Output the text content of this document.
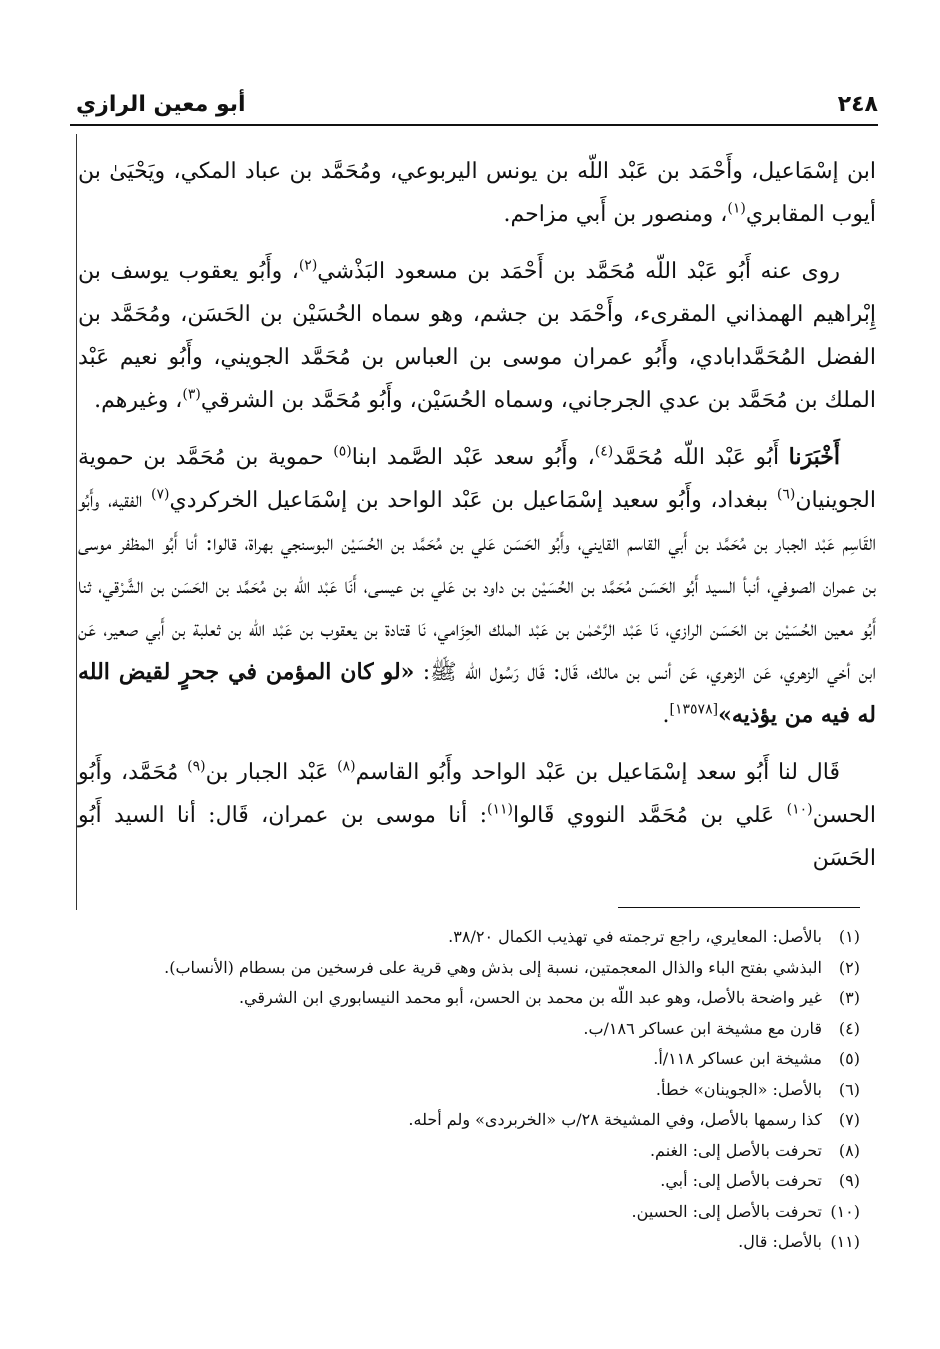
٢٤٨
أبو معين الرازي

ابن إسْمَاعيل، وأَحْمَد بن عَبْد اللّه بن يونس اليربوعي، ومُحَمَّد بن عباد المكي، ويَحْيَىٰ بن أيوب المقابري$^{(١)}$، ومنصور بن أَبي مزاحم.

روى عنه أَبُو عَبْد اللّه مُحَمَّد بن أَحْمَد بن مسعود البَذْشي$^{(٢)}$، وأَبُو يعقوب يوسف بن إِبْراهيم الهمذاني المقرىء، وأَحْمَد بن جشم، وهو سماه الحُسَيْن بن الحَسَن، ومُحَمَّد بن الفضل المُحَمَّدابادي، وأَبُو عمران موسى بن العباس بن مُحَمَّد الجويني، وأَبُو نعيم عَبْد الملك بن مُحَمَّد بن عدي الجرجاني، وسماه الحُسَيْن، وأَبُو مُحَمَّد بن الشرقي$^{(٣)}$، وغيرهم.

أَخْبَرَنا أَبُو عَبْد اللّه مُحَمَّد$^{(٤)}$، وأَبُو سعد عَبْد الصَّمد ابنا$^{(٥)}$ حموية بن مُحَمَّد بن حموية الجوينيان$^{(٦)}$ ببغداد، وأَبُو سعيد إسْمَاعيل بن عَبْد الواحد بن إسْمَاعيل الخركردي$^{(٧)}$ الفقيه، وأَبُو القَاسِم عَبْد الجبار بن مُحَمَّد بن أَبي القاسم القايني، وأَبُو الحَسَن عَلي بن مُحَمَّد بن الحُسَيْن البوسنجي بهراة، قالوا: أنا أَبُو المظفر موسى بن عمران الصوفي، أنبأ السيد أَبُو الحَسَن مُحَمَّد بن الحُسَيْن بن داود بن عَلي بن عيسى، أَنَا عَبْد اللّه بن مُحَمَّد بن الحَسَن بن الشَّرْقي، ثنا أَبُو معين الحُسَيْن بن الحَسَن الرازي، نَا عَبْد الرَّحْمٰن بن عَبْد الملك الحِزَامي، نَا قتادة بن يعقوب بن عَبْد اللّه بن ثعلبة بن أَبي صعير، عَن ابن أخي الزهري، عَن الزهري، عَن أنس بن مالك، قَال: قَال رَسُول الله ﷺ: «لو كان المؤمن في جحرٍ لقيض الله له فيه من يؤذيه»[١٣٥٧٨].

قَال لنا أَبُو سعد إسْمَاعيل بن عَبْد الواحد وأَبُو القاسم$^{(٨)}$ عَبْد الجبار بن$^{(٩)}$ مُحَمَّد، وأَبُو الحسن$^{(١٠)}$ عَلي بن مُحَمَّد النووي قَالوا$^{(١١)}$: أنا موسى بن عمران، قَال: أنا السيد أَبُو الحَسَن

(١)بالأصل: المعايري، راجع ترجمته في تهذيب الكمال ٣٨/٢٠.
(٢)البذشي بفتح الباء والذال المعجمتين، نسبة إلى بذش وهي قرية على فرسخين من بسطام (الأنساب).
(٣)غير واضحة بالأصل، وهو عبد اللّه بن محمد بن الحسن، أبو محمد النيسابوري ابن الشرقي.
(٤)قارن مع مشيخة ابن عساكر ١٨٦/ب.
(٥)مشيخة ابن عساكر ١١٨/أ.
(٦)بالأصل: «الجوينان» خطأ.
(٧)كذا رسمها بالأصل، وفي المشيخة ٢٨/ب «الخربردى» ولم أحله.
(٨)تحرفت بالأصل إلى: الغنم.
(٩)تحرفت بالأصل إلى: أبي.
(١٠)تحرفت بالأصل إلى: الحسين.
(١١)بالأصل: قال.
